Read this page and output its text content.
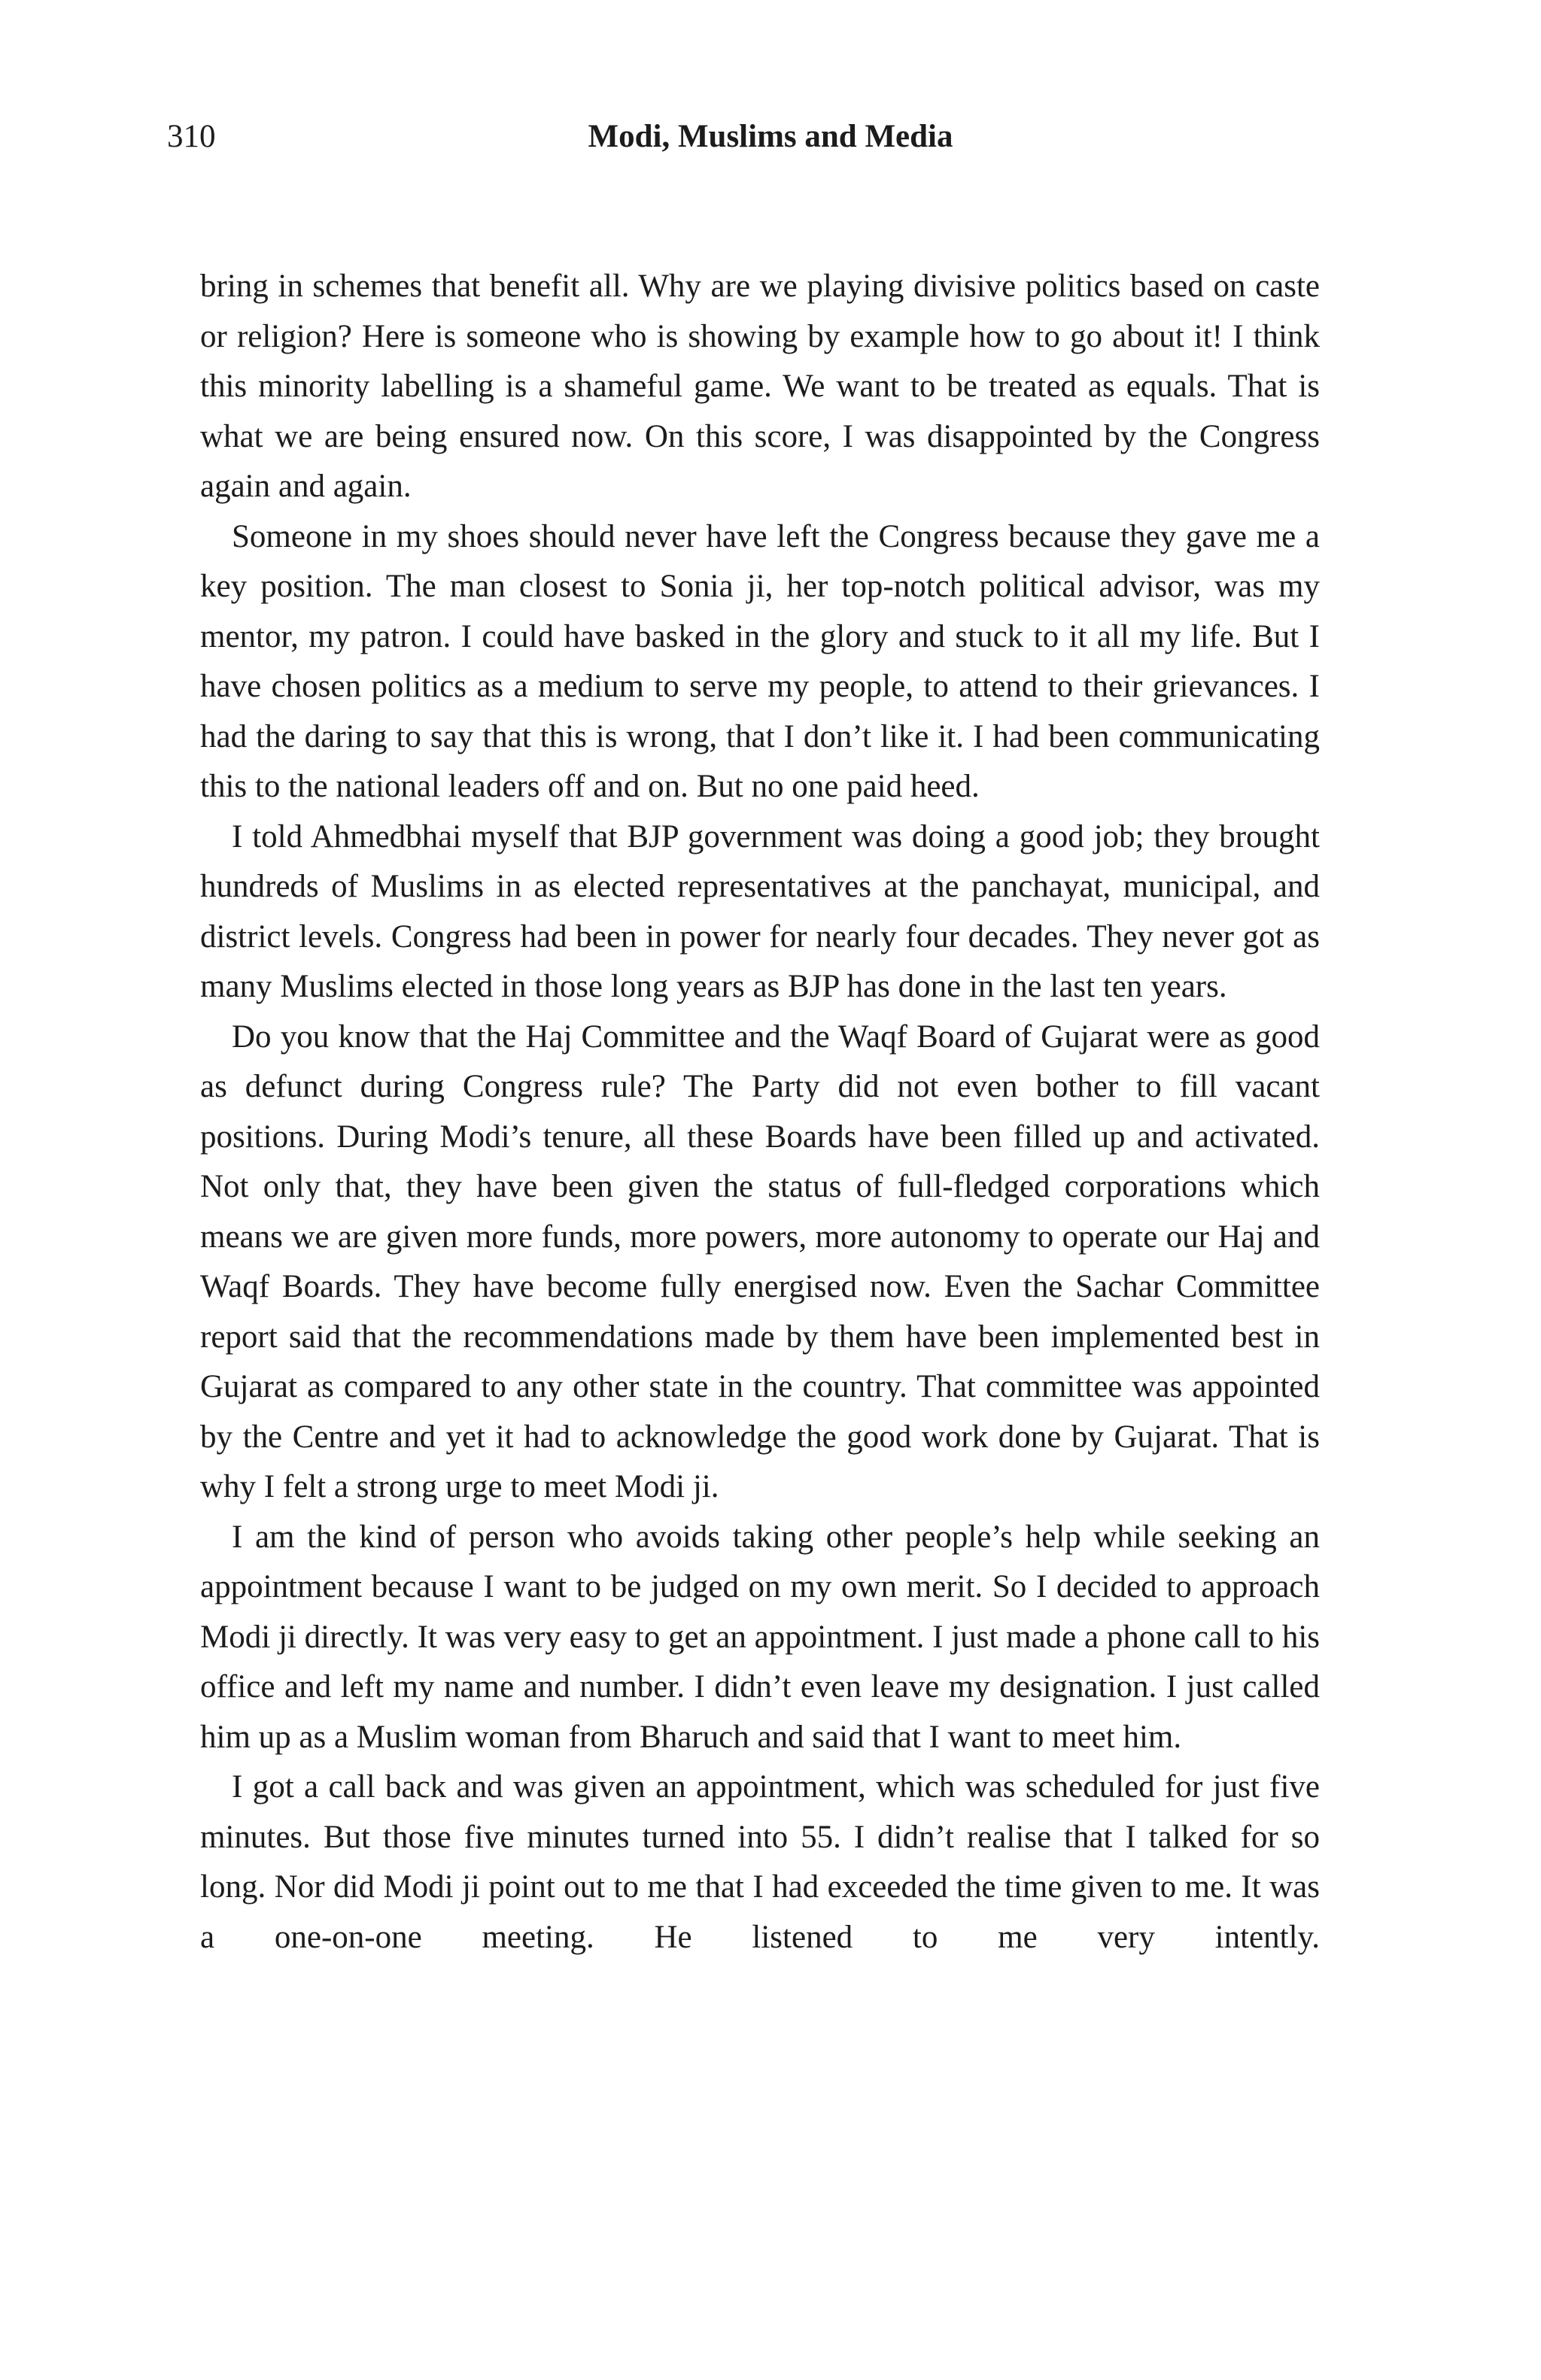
310	Modi, Muslims and Media

bring in schemes that benefit all. Why are we playing divisive politics based on caste or religion? Here is someone who is showing by example how to go about it! I think this minority labelling is a shameful game. We want to be treated as equals. That is what we are being ensured now. On this score, I was disappointed by the Congress again and again.

Someone in my shoes should never have left the Congress because they gave me a key position. The man closest to Sonia ji, her top-notch political advisor, was my mentor, my patron. I could have basked in the glory and stuck to it all my life. But I have chosen politics as a medium to serve my people, to attend to their grievances. I had the daring to say that this is wrong, that I don’t like it. I had been communicating this to the national leaders off and on. But no one paid heed.

I told Ahmedbhai myself that BJP government was doing a good job; they brought hundreds of Muslims in as elected representatives at the panchayat, municipal, and district levels. Congress had been in power for nearly four decades. They never got as many Muslims elected in those long years as BJP has done in the last ten years.

Do you know that the Haj Committee and the Waqf Board of Gujarat were as good as defunct during Congress rule? The Party did not even bother to fill vacant positions. During Modi’s tenure, all these Boards have been filled up and activated. Not only that, they have been given the status of full-fledged corporations which means we are given more funds, more powers, more autonomy to operate our Haj and Waqf Boards. They have become fully energised now. Even the Sachar Committee report said that the recommendations made by them have been implemented best in Gujarat as compared to any other state in the country. That committee was appointed by the Centre and yet it had to acknowledge the good work done by Gujarat. That is why I felt a strong urge to meet Modi ji.

I am the kind of person who avoids taking other people’s help while seeking an appointment because I want to be judged on my own merit. So I decided to approach Modi ji directly. It was very easy to get an appointment. I just made a phone call to his office and left my name and number. I didn’t even leave my designation. I just called him up as a Muslim woman from Bharuch and said that I want to meet him.

I got a call back and was given an appointment, which was scheduled for just five minutes. But those five minutes turned into 55. I didn’t realise that I talked for so long. Nor did Modi ji point out to me that I had exceeded the time given to me. It was a one-on-one meeting. He listened to me very intently.
